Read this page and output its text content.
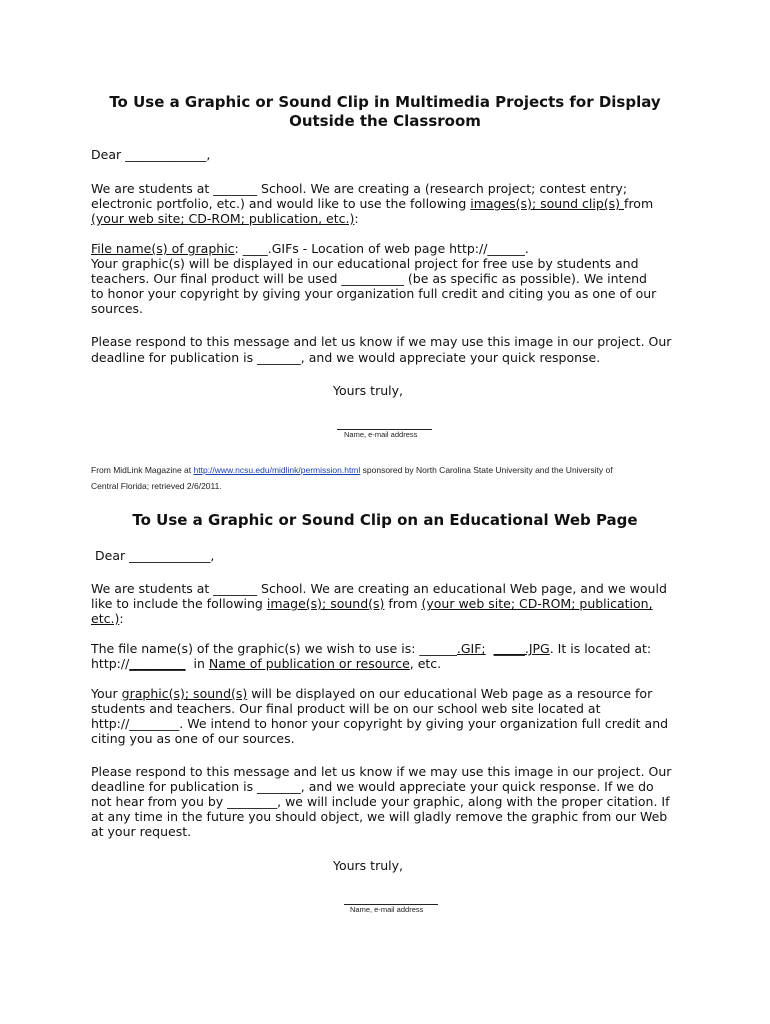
To Use a Graphic or Sound Clip in Multimedia Projects for Display
Outside the Classroom
Dear _____________,
We are students at _______ School. We are creating a (research project; contest entry;
electronic portfolio, etc.) and would like to use the following images(s); sound clip(s) from
(your web site; CD-ROM; publication, etc.):
File name(s) of graphic: ____.GIFs - Location of web page http://______.
Your graphic(s) will be displayed in our educational project for free use by students and
teachers. Our final product will be used __________ (be as specific as possible). We intend
to honor your copyright by giving your organization full credit and citing you as one of our
sources.
Please respond to this message and let us know if we may use this image in our project. Our
deadline for publication is _______, and we would appreciate your quick response.
Yours truly,
Name, e-mail address
From MidLink Magazine at http://www.ncsu.edu/midlink/permission.html sponsored by North Carolina State University and the University of
Central Florida; retrieved 2/6/2011.
To Use a Graphic or Sound Clip on an Educational Web Page
Dear _____________,
We are students at _______ School. We are creating an educational Web page, and we would
like to include the following image(s); sound(s) from (your web site; CD-ROM; publication,
etc.):
The file name(s) of the graphic(s) we wish to use is: ______.GIF; _____.JPG. It is located at:
http://_________  in Name of publication or resource, etc.
Your graphic(s); sound(s) will be displayed on our educational Web page as a resource for
students and teachers. Our final product will be on our school web site located at
http://________. We intend to honor your copyright by giving your organization full credit and
citing you as one of our sources.
Please respond to this message and let us know if we may use this image in our project. Our
deadline for publication is _______, and we would appreciate your quick response. If we do
not hear from you by ________, we will include your graphic, along with the proper citation. If
at any time in the future you should object, we will gladly remove the graphic from our Web
at your request.
Yours truly,
Name, e-mail address
